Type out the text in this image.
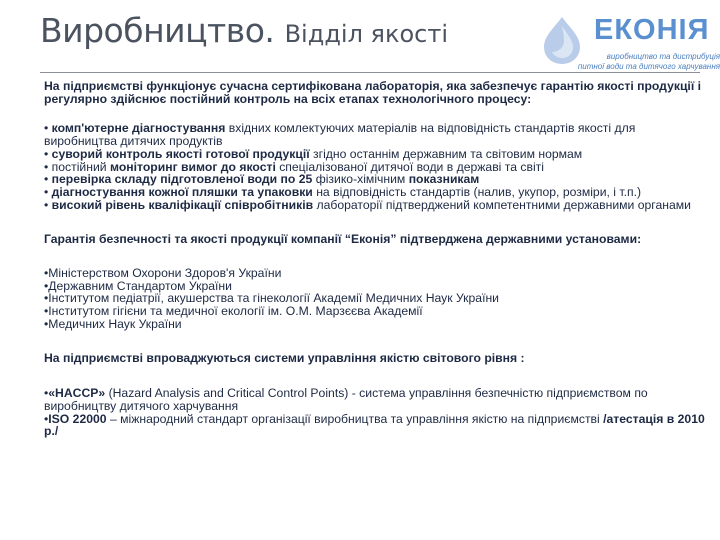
Виробництво. Відділ якості	ЕКОНІЯ
виробництво та дистрибуція
питної води та дитячого харчування

На підприємстві функціонує сучасна сертифікована лабораторія, яка забезпечує гарантію якості продукції і регулярно здійснює постійний контроль на всіх етапах технологічного процесу:

• комп'ютерне діагностування вхідних комлектуючих матеріалів на відповідність стандартів якості для виробництва дитячих продуктів

• суворий контроль якості готової продукції згідно останнім державним та світовим нормам

• постійний моніторинг вимог до якості спеціалізованої дитячої води в державі та світі

• перевірка складу підготовленої води по 25 фізико-хімічним показникам

• діагностування кожної пляшки та упаковки на відповідність стандартів (налив, укупор, розміри, і т.п.)

• високий рівень кваліфікації співробітників лабораторії підтверджений компетентними державними органами

Гарантія безпечності та якості продукції компанії “Еконія” підтверджена державними установами:

•Міністерством Охорони Здоров'я України

•Державним Стандартом України

•Інститутом педіатрії, акушерства та гінекології Академії Медичних Наук України

•Інститутом гігієни та медичної екології ім. О.М. Марзєєва Академії

•Медичних Наук України

На підприємстві впроваджуються системи управління якістю світового рівня :

•«HACCP» (Hazard Analysis and Critical Control Points) - система управління безпечністю підприємством по виробництву дитячого харчування

•ISO 22000 – міжнародний стандарт організації виробництва та управління якістю на підприємстві /атестація в 2010 р./
